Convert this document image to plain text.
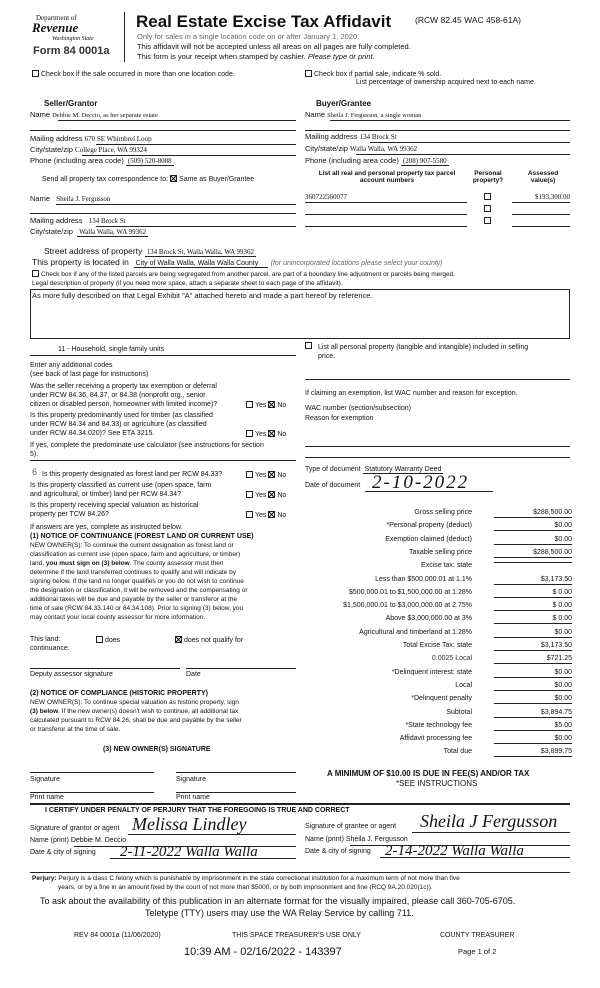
Department of
Revenue
Washington State
Form 84 0001a
Real Estate Excise Tax Affidavit	(RCW 82.45 WAC 458-61A)
Only for sales in a single location code on or after January 1, 2020.
This affidavit will not be accepted unless all areas on all pages are fully completed.
This form is your receipt when stamped by cashier. Please type or print.
Check box if the sale occurred in more than one location code.	Check box if partial sale, indicate % sold.
List percentage of ownership acquired next to each name.
Seller/Grantor
Name Debbie M. Deccio, as her separate estate
Mailing address 670 SE Whimbrel Loop
City/state/zip College Place, WA 99324
Phone (including area code) (509) 520-8088
Buyer/Grantee
Name Sheila J. Fergusson, a single woman
Mailing address 134 Brock St
City/state/zip Walla Walla, WA 99362
Phone (including area code) (208) 907-5580
Send all property tax correspondence to: Same as Buyer/Grantee
Name Sheila J. Fergusson
Mailing address 134 Brock St
City/state/zip Walla Walla, WA 99362
List all real and personal property tax parcel account numbers
Personal property?
Assessed value(s)
360722560077	$193,300.00
Street address of property 134 Brock St, Walla Walla, WA 99362
This property is located in City of Walla Walla, Walla Walla County (for unincorporated locations please select your county)
Check box if any of the listed parcels are being segregated from another parcel, are part of a boundary line adjustment or parcels being merged.
Legal description of property (if you need more space, attach a separate sheet to each page of the affidavit).
As more fully described on that Legal Exhibit "A" attached hereto and made a part hereof by reference.
11 - Household, single family units
Enter any additional codes
(see back of last page for instructions)
Was the seller receiving a property tax exemption or deferral
under RCW 84.36, 84.37, or 84.38 (nonprofit org., senior
citizen or disabled person, homeowner with limited income)?	Yes No
Is this property predominantly used for timber (as classified
under RCW 84.34 and 84.33) or agriculture (as classified
under RCW 84.34.020)? See ETA 3215.	Yes No
If yes, complete the predominate use calculator (see instructions for section
5).
6 Is this property designated as forest land per RCW 84.33?	Yes No
Is this property classified as current use (open space, farm
and agricultural, or timber) land per RCW 84.34?	Yes No
Is this property receiving special valuation as historical
property per TCW 84.26?	Yes No
If answers are yes, complete as instructed below.
(1) NOTICE OF CONTINUANCE (FOREST LAND OR CURRENT USE)
NEW OWNER(S): To continue the current designation as forest land or
classification as current use (open space, farm and agriculture, or timber)
land, you must sign on (3) below. The county assessor must then
determine if the land transferred continues to qualify and will indicate by
signing below. If the land no longer qualifies or you do not wish to continue
the designation or classification, it will be removed and the compensating or
additional taxes will be due and payable by the seller or transferor at the
time of sale (RCW 84.33.140 or 84.34.108). Prior to signing (3) below, you
may contact your local county assessor for more information.
This land:	does	does not qualify for
continuance.
Deputy assessor signature	Date
(2) NOTICE OF COMPLIANCE (HISTORIC PROPERTY)
NEW OWNER(S): To continue special valuation as historic property, sign
(3) below. If the new owner(s) doesn't wish to continue, all additional tax
calculated pursuant to RCW 84.26, shall be due and payable by the seller
or transferor at the time of sale.
(3) NEW OWNER(S) SIGNATURE
Signature	Signature
Print name	Print name
List all personal property (tangible and intangible) included in selling
price.
If claiming an exemption, list WAC number and reason for exception.
WAC number (section/subsection)
Reason for exemption
Type of document Statutory Warranty Deed
Date of document 2-10-2022
Gross selling price	$288,500.00
*Personal property (deduct)	$0.00
Exemption claimed (deduct)	$0.00
Taxable selling price	$288,500.00
Excise tax: state
Less than $500,000.01 at 1.1%	$3,173.50
$500,000.01 to $1,500,000.00 at 1.28%	$ 0.00
$1,500,000.01 to $3,000,000.00 at 2.75%	$ 0.00
Above $3,000,000.00 at 3%	$ 0.00
Agricultural and timberland at 1.28%	$0.00
Total Excise Tax: state	$3,173.50
0.0025 Local	$721.25
*Delinquent interest: state	$0.00
Local	$0.00
*Delinquent penalty	$0.00
Subtotal	$3,894.75
*State technology fee	$5.00
Affidavit processing fee	$0.00
Total due	$3,899.75
A MINIMUM OF $10.00 IS DUE IN FEE(S) AND/OR TAX
*SEE INSTRUCTIONS
I CERTIFY UNDER PENALTY OF PERJURY THAT THE FOREGOING IS TRUE AND CORRECT
Signature of grantor or agent Melissa Lindley
Name (print) Debbie M. Deccio
Date & city of signing 2-11-2022 Walla Walla
Signature of grantee or agent Sheila J Fergusson
Name (print) Sheila J. Fergusson
Date & city of signing 2-14-2022 Walla Walla
Perjury: Perjury is a class C felony which is punishable by imprisonment in the state correctional institution for a maximum term of not more than five
years, or by a fine in an amount fixed by the court of not more than $5000, or by both imprisonment and fine (RCQ 9A.20.020(1c)).
To ask about the availability of this publication in an alternate format for the visually impaired, please call 360-705-6705.
Teletype (TTY) users may use the WA Relay Service by calling 711.
REV 84 0001a (11/06/2020)	THIS SPACE TREASURER'S USE ONLY	COUNTY TREASURER
10:39 AM - 02/16/2022 - 143397	Page 1 of 2
